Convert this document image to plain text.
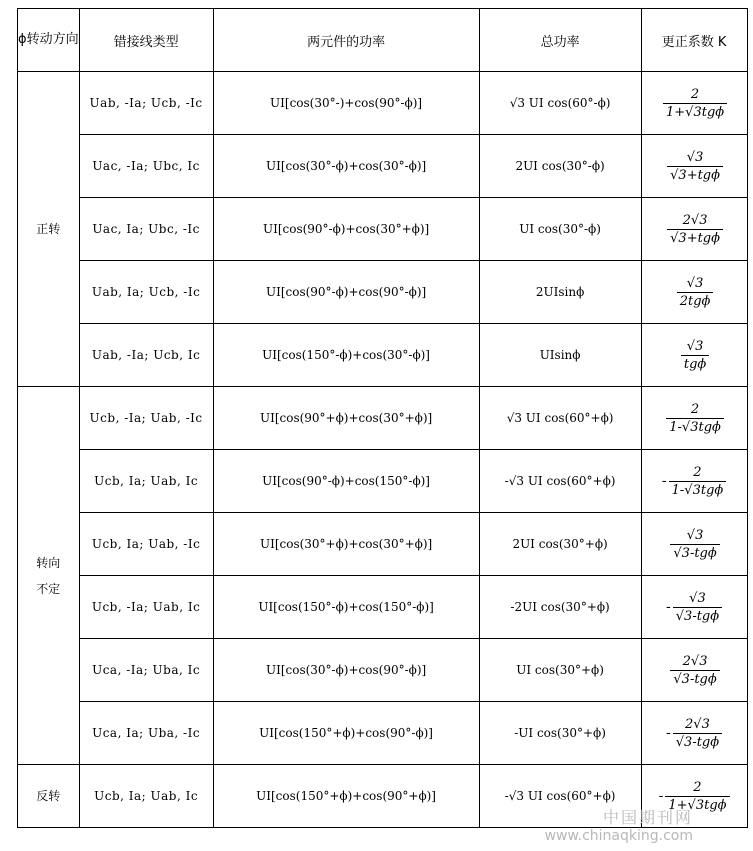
ϕ转动方向	错接线类型	两元件的功率	总功率	更正系数 K
正转	Uab, -Ia; Ucb, -Ic	UI[cos(30°-)+cos(90°-ϕ)]	√3 UI cos(60°-ϕ)	$\frac{2}{\text{1+√3tgϕ}}$

	Uac, -Ia; Ubc, Ic	UI[cos(30°-ϕ)+cos(30°-ϕ)]	2UI cos(30°-ϕ)	$\frac{√3}{\text{√3+tgϕ}}$

	Uac, Ia; Ubc, -Ic	UI[cos(90°-ϕ)+cos(30°+ϕ)]	UI cos(30°-ϕ)	$\frac{2√3}{\text{√3+tgϕ}}$

	Uab, Ia; Ucb, -Ic	UI[cos(90°-ϕ)+cos(90°-ϕ)]	2UIsinϕ	$\frac{√3}{\text{2tgϕ}}$

	Uab, -Ia; Ucb, Ic	UI[cos(150°-ϕ)+cos(30°-ϕ)]	UIsinϕ	$\frac{√3}{\text{tgϕ}}$

转向不定	Ucb, -Ia; Uab, -Ic	UI[cos(90°+ϕ)+cos(30°+ϕ)]	√3 UI cos(60°+ϕ)	$\frac{2}{\text{1-√3tgϕ}}$

	Ucb, Ia; Uab, Ic	UI[cos(90°-ϕ)+cos(150°-ϕ)]	-√3 UI cos(60°+ϕ)	- $\frac{2}{\text{1-√3tgϕ}}$

	Ucb, Ia; Uab, -Ic	UI[cos(30°+ϕ)+cos(30°+ϕ)]	2UI cos(30°+ϕ)	$\frac{√3}{\text{√3-tgϕ}}$

	Ucb, -Ia; Uab, Ic	UI[cos(150°-ϕ)+cos(150°-ϕ)]	-2UI cos(30°+ϕ)	- $\frac{√3}{\text{√3-tgϕ}}$

	Uca, -Ia; Uba, Ic	UI[cos(30°-ϕ)+cos(90°-ϕ)]	UI cos(30°+ϕ)	$\frac{2√3}{\text{√3-tgϕ}}$

	Uca, Ia; Uba, -Ic	UI[cos(150°+ϕ)+cos(90°-ϕ)]	-UI cos(30°+ϕ)	- $\frac{2√3}{\text{√3-tgϕ}}$

反转	Ucb, Ia; Uab, Ic	UI[cos(150°+ϕ)+cos(90°+ϕ)]	-√3 UI cos(60°+ϕ)	- $\frac{2}{\text{1+√3tgϕ}}$
中国期刊网
www.chinaqking.com
